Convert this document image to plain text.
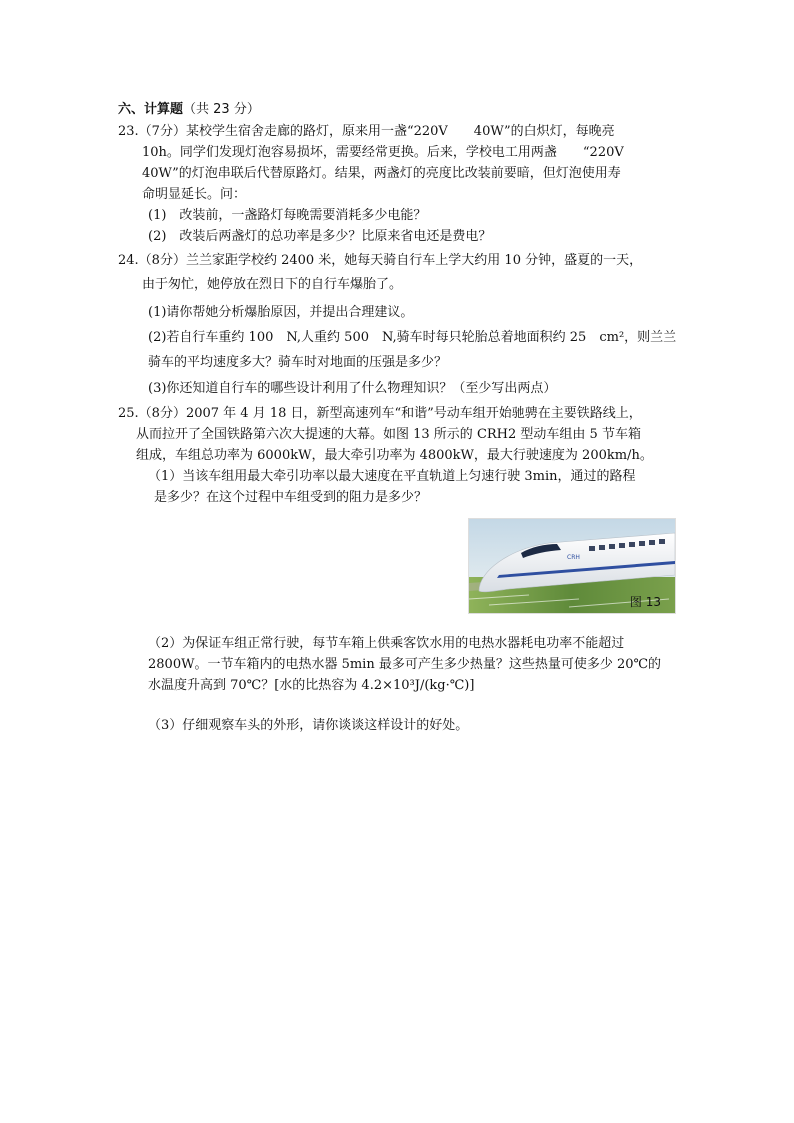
六、计算题（共 23 分）
23.（7分）某校学生宿舍走廊的路灯，原来用一盏“220V　　40W”的白炽灯，每晚亮
10h。同学们发现灯泡容易损坏，需要经常更换。后来，学校电工用两盏　　“220V
40W”的灯泡串联后代替原路灯。结果，两盏灯的亮度比改装前要暗，但灯泡使用寿
命明显延长。问：
(1)　改装前，一盏路灯每晚需要消耗多少电能？
(2)　改装后两盏灯的总功率是多少？比原来省电还是费电？
24.（8分）兰兰家距学校约 2400 米，她每天骑自行车上学大约用 10 分钟，盛夏的一天，
由于匆忙，她停放在烈日下的自行车爆胎了。
(1)请你帮她分析爆胎原因，并提出合理建议。
(2)若自行车重约 100　N,人重约 500　N,骑车时每只轮胎总着地面积约 25　cm²，则兰兰
骑车的平均速度多大？骑车时对地面的压强是多少？
(3)你还知道自行车的哪些设计利用了什么物理知识？（至少写出两点）
25.（8分）2007 年 4 月 18 日，新型高速列车“和谐”号动车组开始驰骋在主要铁路线上，
从而拉开了全国铁路第六次大提速的大幕。如图 13 所示的 CRH2 型动车组由 5 节车箱
组成，车组总功率为 6000kW，最大牵引功率为 4800kW，最大行驶速度为 200km/h。
（1）当该车组用最大牵引功率以最大速度在平直轨道上匀速行驶 3min，通过的路程
是多少？在这个过程中车组受到的阻力是多少？
CRH
图 13
（2）为保证车组正常行驶，每节车箱上供乘客饮水用的电热水器耗电功率不能超过
2800W。一节车箱内的电热水器 5min 最多可产生多少热量？这些热量可使多少 20℃的
水温度升高到 70℃？[水的比热容为 4.2×10³J/(kg·℃)]
（3）仔细观察车头的外形，请你谈谈这样设计的好处。
